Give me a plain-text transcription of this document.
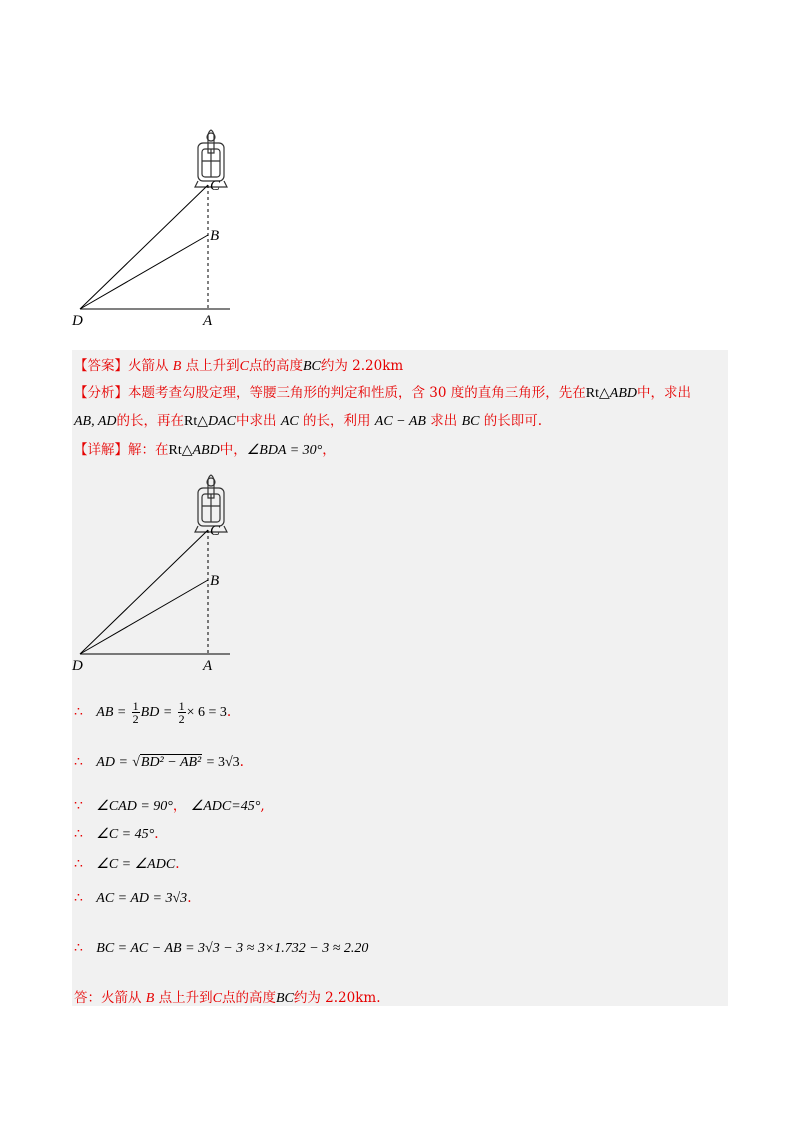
C
B
D	A
【答案】火箭从 B 点上升到C点的高度BC约为 2.20km
【分析】本题考查勾股定理，等腰三角形的判定和性质，含 30 度的直角三角形，先在Rt△ABD中，求出
AB, AD的长，再在Rt△DAC中求出 AC 的长，利用 AC − AB 求出 BC 的长即可.
【详解】解：在Rt△ABD中，∠BDA = 30°，
C
B
D	A
∴ AB = $\frac{1}{2}$ BD = $\frac{1}{2} \times 6 = 3$.
∴ AD = √BD² − AB² = 3√3.
∵ ∠CAD = 90°， ∠ADC=45°,
∴ ∠C = 45°.
∴ ∠C = ∠ADC.
∴ AC = AD = 3√3.
∴ BC = AC − AB = 3√3 − 3 ≈ 3×1.732 − 3 ≈ 2.20
答：火箭从 B 点上升到C点的高度BC约为 2.20km.
